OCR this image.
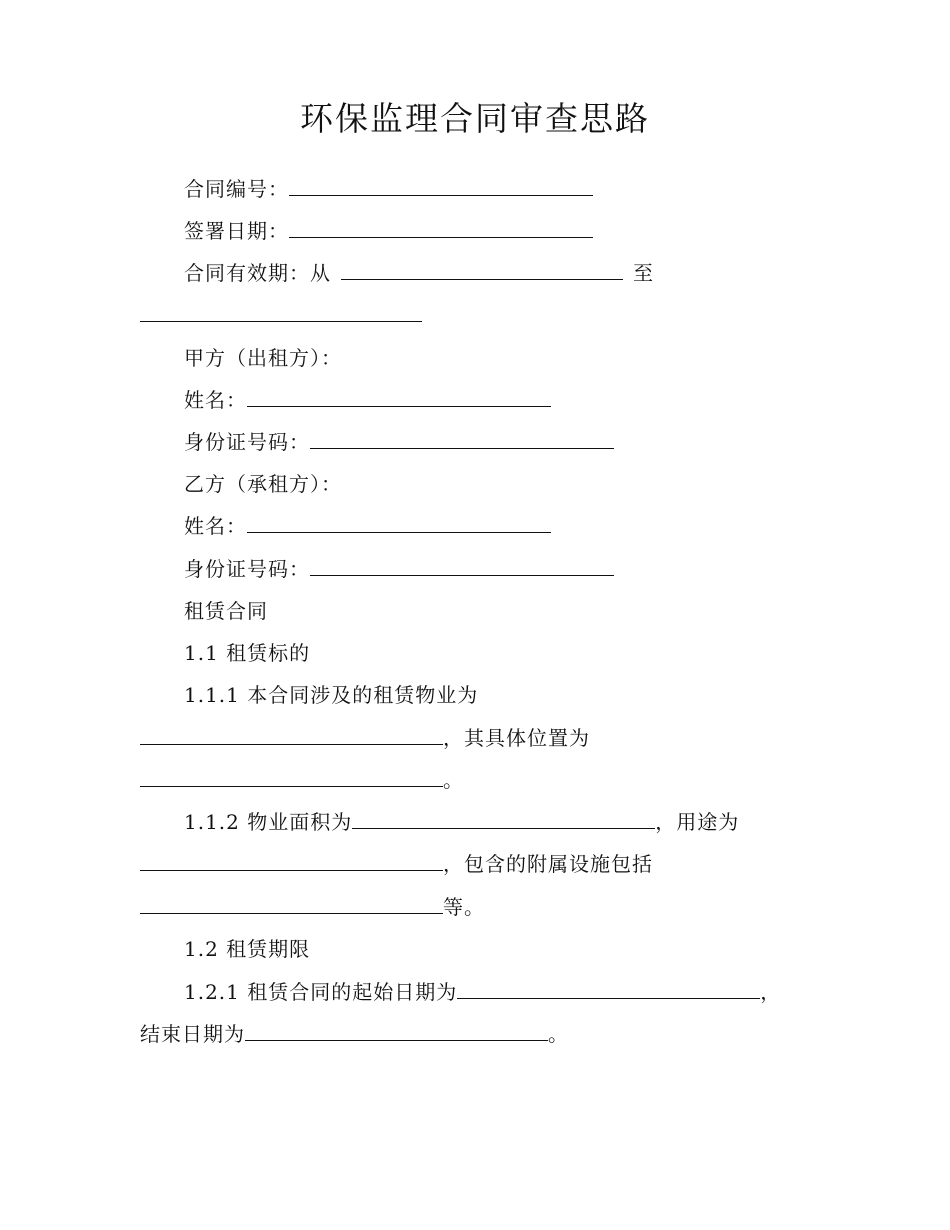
环保监理合同审查思路
合同编号：
签署日期：
合同有效期：从	至
甲方（出租方）：
姓名：
身份证号码：
乙方（承租方）：
姓名：
身份证号码：
租赁合同
1.1 租赁标的
1.1.1 本合同涉及的租赁物业为
，其具体位置为
。
1.1.2 物业面积为	，用途为
，包含的附属设施包括
等。
1.2 租赁期限
1.2.1 租赁合同的起始日期为	，
结束日期为	。
